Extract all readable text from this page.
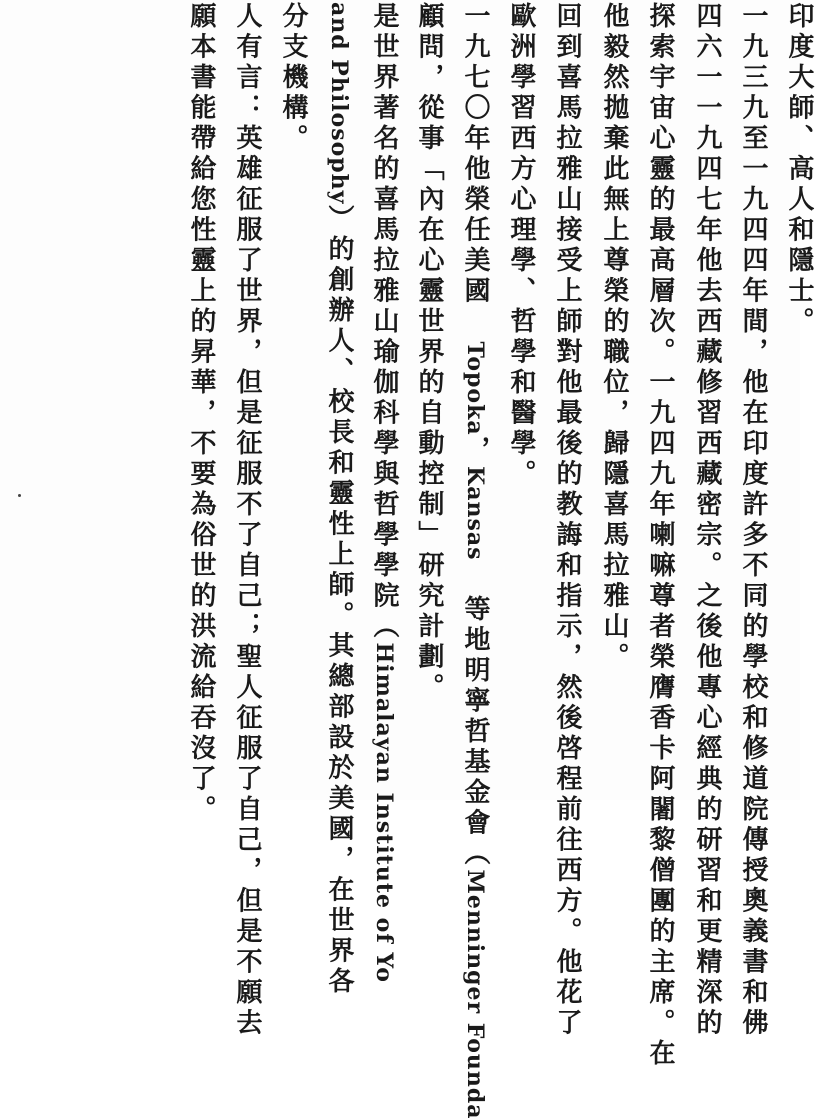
印度大師、高人和隱士。
一九三九至一九四四年間，他在印度許多不同的學校和修道院傳授奧義書和佛
四六一一九四七年他去西藏修習西藏密宗。之後他專心經典的研習和更精深的
探索宇宙心靈的最高層次。一九四九年喇嘛尊者榮膺香卡阿闍黎僧團的主席。在
他毅然拋棄此無上尊榮的職位，歸隱喜馬拉雅山。
回到喜馬拉雅山接受上師對他最後的教誨和指示，然後啓程前往西方。他花了
歐洲學習西方心理學、哲學和醫學。
一九七〇年他榮任美國 Topoka，Kansas 等地明寧哲基金會（Menninger Founda
顧問，從事「內在心靈世界的自動控制」研究計劃。
是世界著名的喜馬拉雅山瑜伽科學與哲學學院（Himalayan Institute of Yo
and Philosophy）的創辦人、校長和靈性上師。其總部設於美國，在世界各
分支機構。
人有言：英雄征服了世界，但是征服不了自己；聖人征服了自己，但是不願去
願本書能帶給您性靈上的昇華，不要為俗世的洪流給吞沒了。
